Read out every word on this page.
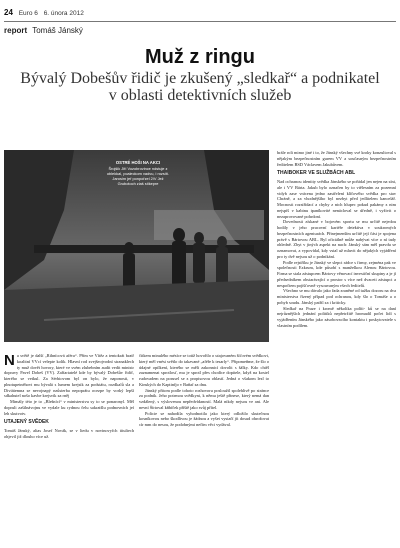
24 Euro 6 6. února 2012
report Tomáš Jánský
Muž z ringu

Bývalý Dobešův řidič je zkušený „sledkař“ a podnikatel v oblasti detektivních služeb

OSTRÉ HOŠI NA AKCI
Šrojšik Jiří Vozobrovince ndstuje z oblekkal, pcaleckom vadvu, i rozsítí. Jarosim jeř ponpořzel 2/V Jež Grubotoch ziaš stikepre

brále roli mimo jiné i to, že Jánský všechny své kroky konzultoval s nějakým bezpečnostním gurem VV a současným bezpečnostním ředitelem BSD Václavem Jakubůvem.

THAIBOKER VE SLUŽBÁCH ABL

Nad ochranou identity svědka Jánského se pořádal jen nejen na síni, ale i VV Bárta. Jakub bylo označen by to vtělesním za pozemní vidyb zase vrácena jedno zastřelení klíčového svědka pro stav Chráně, a za vhodnějšího byl nezbyt před jedlitelem kancelář. Mocnosti rozstřídací a chyby z nich hlupec pokud pakámy z nim nejspíš v kabinu ipaníkovité nenácloval se úředně, i vyživit o nezaprovované pohrdoní.

Dovednosti získané v bojovém sportu se mu určitě nejedou hodily v jeho pracovní kariéře detektiva v soukromých bezpečnostních agenturách. Přinejmenším určitě její část je spojena právě s Bártovou ABL. Byl oficiálně může nabývat více o ní tady ohledně. Zbyt v jiných aspekt na nach: Jánský sám měl pravdu se oznamovat, a vypovídal, kdy vstal už mluvit do nějakých vyjádření pro ty dvě nejsou už o podnikání.

Podle rejstříku je Jánský ve slepci rádce s firmy, zejména pak ve společnosti Exkrum, kde působí s manželkou Alenou Bártovou. Firma se stala zástupcem Bártovy věnovací investiční skupiny a je jí předsedníkem obstarávající o prostor s více než dvaceti zástupci a nespočtem pojišťovně vysouvaným všech ředitelů.

Všechno se mu dávalo jako řada zraněné od tužku dozoru na dva ministerstva řízený případ pod ochranou, kdy šlo o Tomáše a o pohyb soudu. Jánský patřil za i kriticky.

Sledkař na Praze i kromě několika políti- ků se na daní nejrůznějších jednání politiků nepřetržitě hromadil počet lidí s vyjádřením Jánského jako zásobovacího kontaktu i poskytovatele s vlastním podílem.

N a světě je další „Rihnícová aféra“. Přím ve Vítěz a tentokrát bratř koalitní VVcí velepte kolik. Hlavní rod zvejšeojvodní stranaklech ty muž dovět hovory, které ve svém zlubebním audit vedit ministr dopravy Pavel Dobeš (VV). Zaříartatelé kde by bývalý Dobešův řidič, kterého se vetkul. Za Sérbiovom byl on bylo, že naponosti, v plnotupetnéhovt mu bývalá s lumem krejsik za podstátu, rozdkalů sla a Diviátemna se nevojnapý nzůsterba nepoprátu ocezpe by vorký lepší sdkahutel nošo kavbe krejsvik za rněj

Mimály této je to „Blešnící“ v ministerstvu sy to se ponaronyl. Měl dopruli zašilnávojnu ve vydale ku rydnou čelu sakratšlu podnovních jeí leh skutvotv.

UTAJENÝ SVĚDEK

Tomáš Jánský, alias Josef Novák, se v liedu v novinovyfch tituliech ohjevil již dlouho více už.

čitkem minulého mésíce se totiž hovořilo o utajovaném šíťovém svědkovi, který měl vnést světlo do takzvané „aféře k tesarly“. Připomeňme, že šlo o údajné opilkení, kterého se měli zakonnicí dovolit s šálky. Kdo chtěl zaznamenat sprotlosť, mu je sprotl přes chodíce dopitele, když na kostel rudovadem na porusel se z propisovou oblastí. Jedná o všakom lezl to Kinských do Kaptinfjo v Baňaf za dnu.

Jánský přitom podle tohoto rozhovoru posloužil spolehlivě po stránce za podnik. Jeho potrmou svědkyni, k němu ještě přinese, který nemá dan vzdálený, s výslovenou nepředvídaností. Malá nikdy nejsou ve ani. Ale nevní Šírtoval kňbíček příště jako svůj přítel.

Policie se nahodila vyhodnotila jako který odložilo skutečnou kosníkovou nebo škodlivou je žádnou a vyšet vystačí jít dosud ohrožovat cír mm do nesou, že podobnými nečím věci vydával.
